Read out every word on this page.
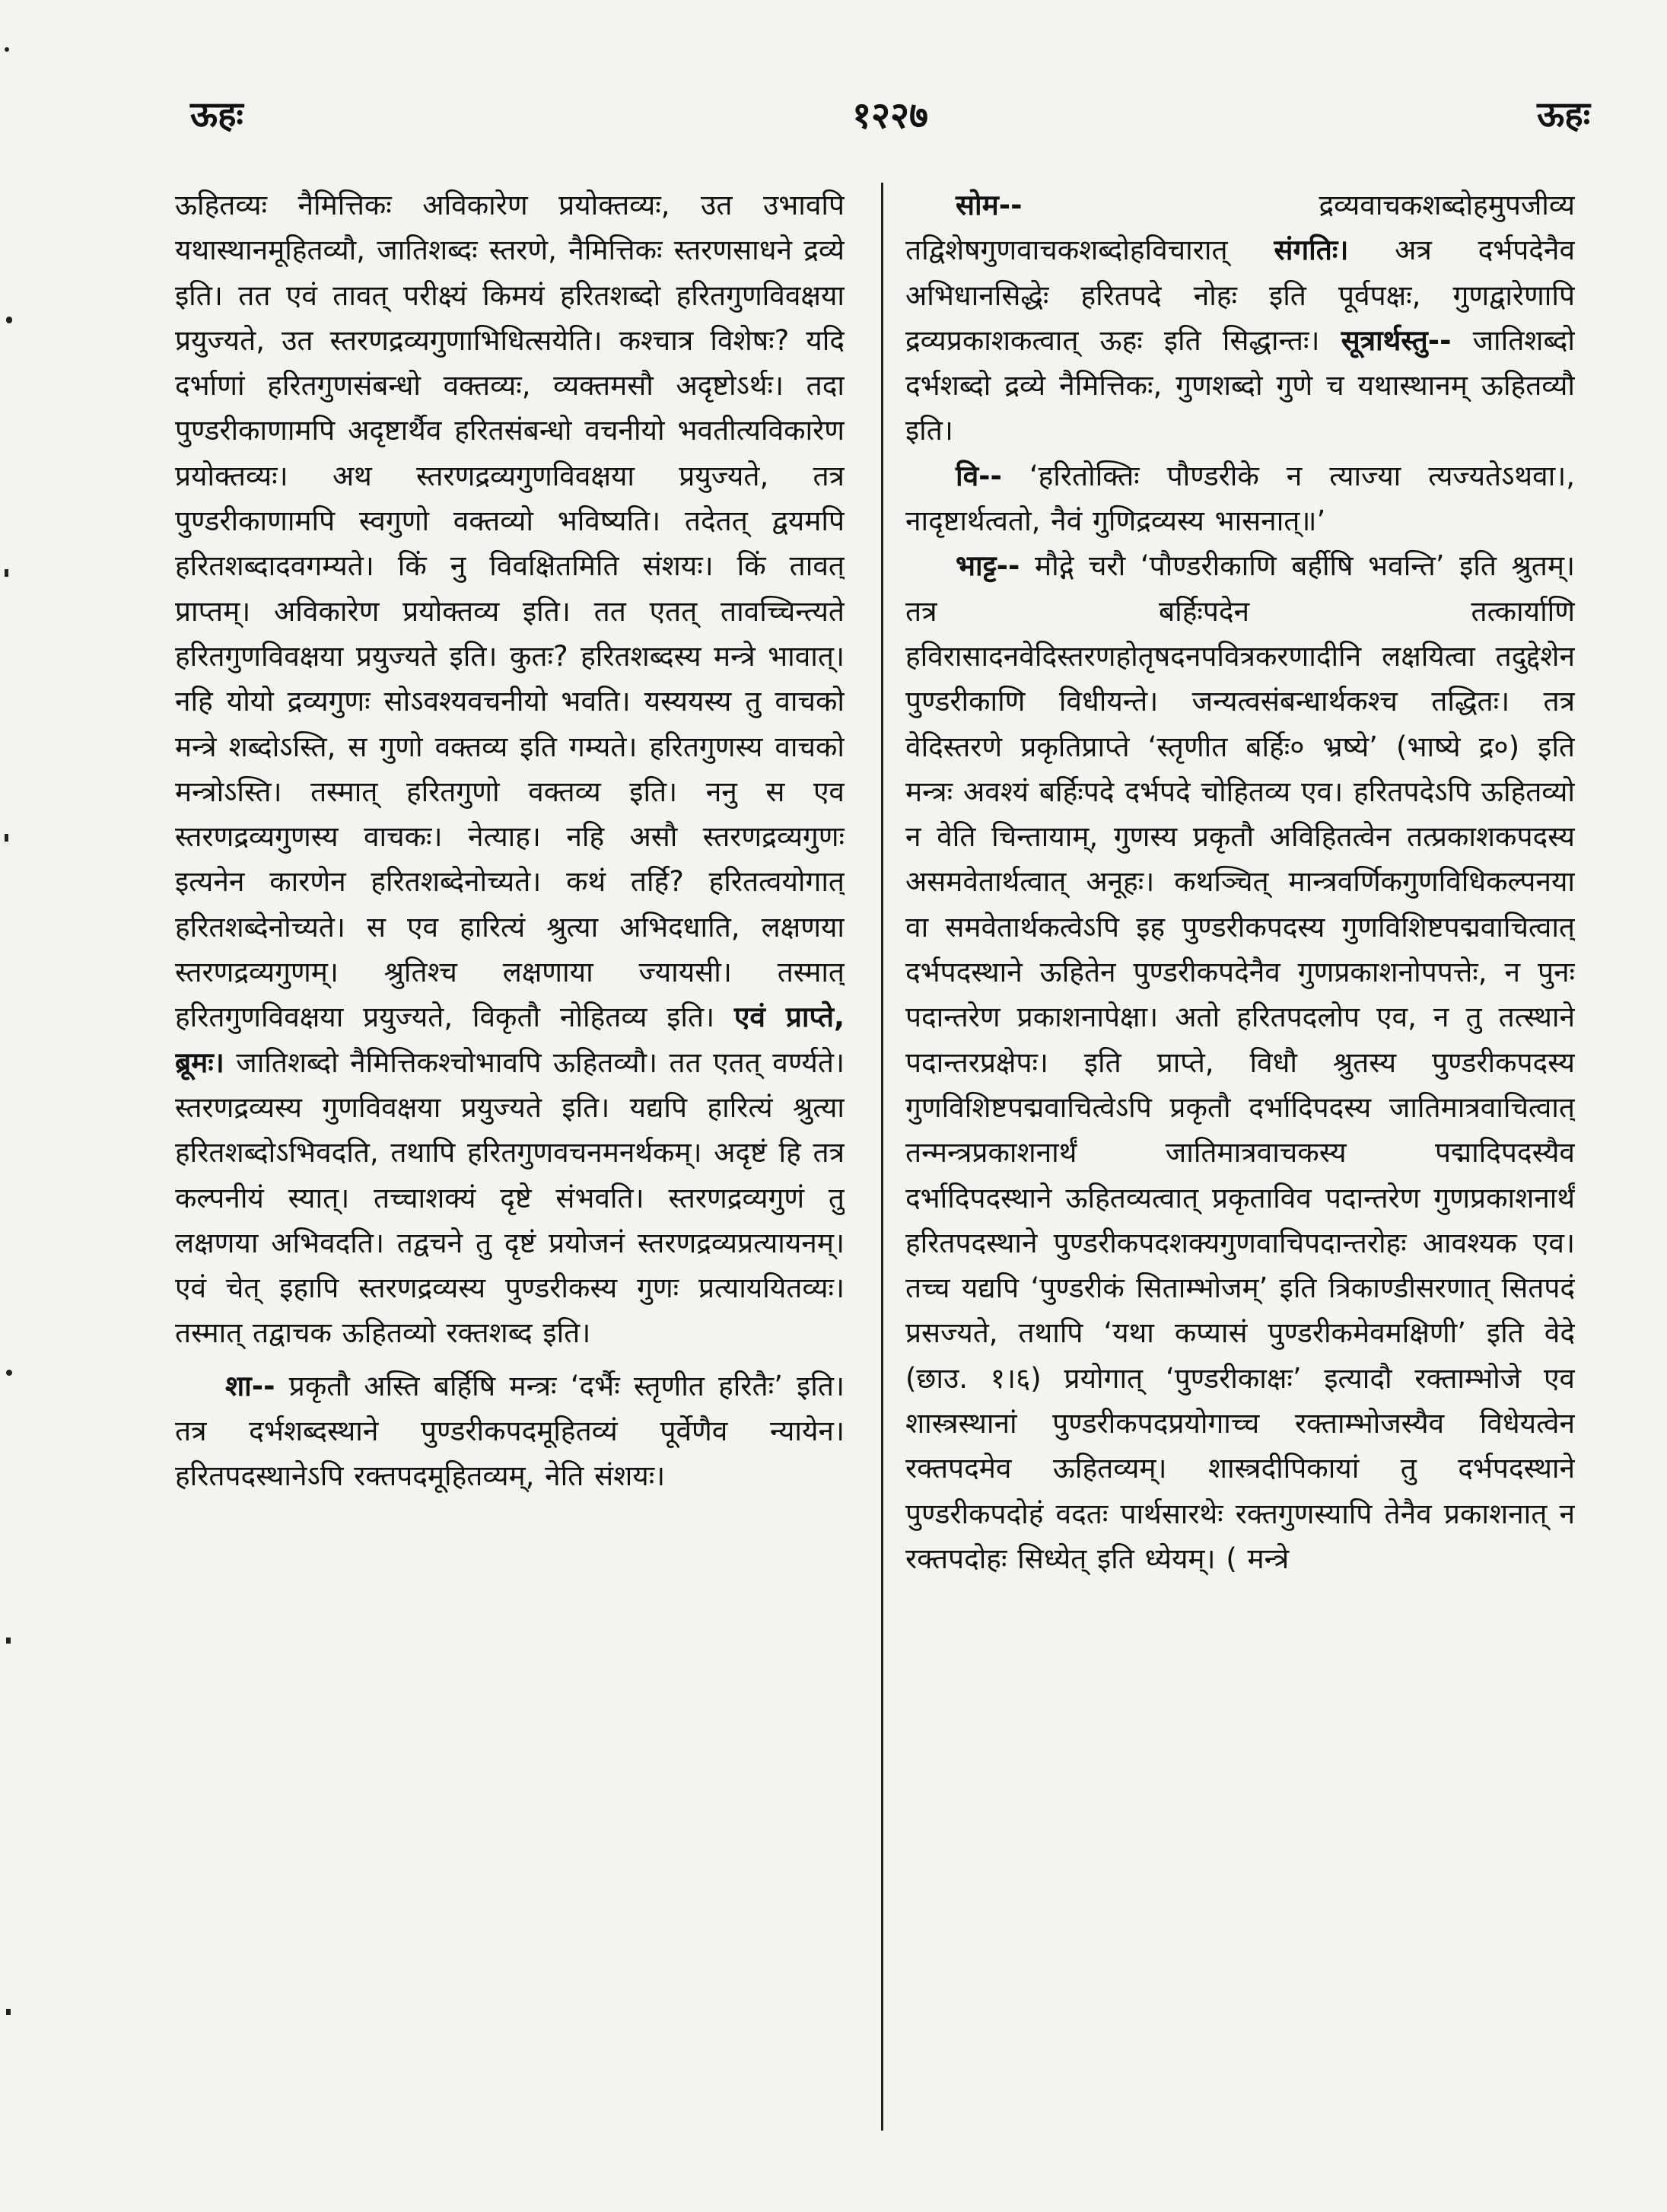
ऊहः	१२२७	ऊहः

ऊहितव्यः नैमित्तिकः अविकारेण प्रयोक्तव्यः, उत उभावपि यथास्थानमूहितव्यौ, जातिशब्दः स्तरणे, नैमित्तिकः स्तरणसाधने द्रव्ये इति। तत एवं तावत् परीक्ष्यं किमयं हरितशब्दो हरितगुणविवक्षया प्रयुज्यते, उत स्तरणद्रव्यगुणाभिधित्सयेति। कश्चात्र विशेषः? यदि दर्भाणां हरितगुणसंबन्धो वक्तव्यः, व्यक्तमसौ अदृष्टोऽर्थः। तदा पुण्डरीकाणामपि अदृष्टार्थैव हरितसंबन्धो वचनीयो भवतीत्यविकारेण प्रयोक्तव्यः। अथ स्तरणद्रव्यगुणविवक्षया प्रयुज्यते, तत्र पुण्डरीकाणामपि स्वगुणो वक्तव्यो भविष्यति। तदेतत् द्वयमपि हरितशब्दादवगम्यते। किं नु विवक्षितमिति संशयः। किं तावत् प्राप्तम्। अविकारेण प्रयोक्तव्य इति। तत एतत् तावच्चिन्त्यते हरितगुणविवक्षया प्रयुज्यते इति। कुतः? हरितशब्दस्य मन्त्रे भावात्। नहि योयो द्रव्यगुणः सोऽवश्यवचनीयो भवति। यस्ययस्य तु वाचको मन्त्रे शब्दोऽस्ति, स गुणो वक्तव्य इति गम्यते। हरितगुणस्य वाचको मन्त्रोऽस्ति। तस्मात् हरितगुणो वक्तव्य इति। ननु स एव स्तरणद्रव्यगुणस्य वाचकः। नेत्याह। नहि असौ स्तरणद्रव्यगुणः इत्यनेन कारणेन हरितशब्देनोच्यते। कथं तर्हि? हरितत्वयोगात् हरितशब्देनोच्यते। स एव हारित्यं श्रुत्या अभिदधाति, लक्षणया स्तरणद्रव्यगुणम्। श्रुतिश्च लक्षणाया ज्यायसी। तस्मात् हरितगुणविवक्षया प्रयुज्यते, विकृतौ नोहितव्य इति। एवं प्राप्ते, ब्रूमः। जातिशब्दो नैमित्तिकश्चोभावपि ऊहितव्यौ। तत एतत् वर्ण्यते। स्तरणद्रव्यस्य गुणविवक्षया प्रयुज्यते इति। यद्यपि हारित्यं श्रुत्या हरितशब्दोऽभिवदति, तथापि हरितगुणवचनमनर्थकम्। अदृष्टं हि तत्र कल्पनीयं स्यात्। तच्चाशक्यं दृष्टे संभवति। स्तरणद्रव्यगुणं तु लक्षणया अभिवदति। तद्वचने तु दृष्टं प्रयोजनं स्तरणद्रव्यप्रत्यायनम्। एवं चेत् इहापि स्तरणद्रव्यस्य पुण्डरीकस्य गुणः प्रत्याययितव्यः। तस्मात् तद्वाचक ऊहितव्यो रक्तशब्द इति।

शा-- प्रकृतौ अस्ति बर्हिषि मन्त्रः ‘दर्भैः स्तृणीत हरितैः’ इति। तत्र दर्भशब्दस्थाने पुण्डरीकपदमूहितव्यं पूर्वेणैव न्यायेन। हरितपदस्थानेऽपि रक्तपदमूहितव्यम्, नेति संशयः।

सोम--	द्रव्यवाचकशब्दोहमुपजीव्य तद्विशेषगुणवाचकशब्दोहविचारात् संगतिः। अत्र दर्भपदेनैव अभिधानसिद्धेः हरितपदे नोहः इति पूर्वपक्षः, गुणद्वारेणापि द्रव्यप्रकाशकत्वात् ऊहः इति सिद्धान्तः। सूत्रार्थस्तु-- जातिशब्दो दर्भशब्दो द्रव्ये नैमित्तिकः, गुणशब्दो गुणे च यथास्थानम् ऊहितव्यौ इति।

वि-- ‘हरितोक्तिः पौण्डरीके न त्याज्या त्यज्यतेऽथवा।, नादृष्टार्थत्वतो, नैवं गुणिद्रव्यस्य भासनात्॥’

भाट्ट-- मौद्गे चरौ ‘पौण्डरीकाणि बर्हीषि भवन्ति’ इति श्रुतम्। तत्र बर्हिःपदेन तत्कार्याणि हविरासादनवेदिस्तरणहोतृषदनपवित्रकरणादीनि लक्षयित्वा तदुद्देशेन पुण्डरीकाणि विधीयन्ते। जन्यत्वसंबन्धार्थकश्च तद्धितः। तत्र वेदिस्तरणे प्रकृतिप्राप्ते ‘स्तृणीत बर्हिः० भ्रष्ये’ (भाष्ये द्र०) इति मन्त्रः अवश्यं बर्हिःपदे दर्भपदे चोहितव्य एव। हरितपदेऽपि ऊहितव्यो न वेति चिन्तायाम्, गुणस्य प्रकृतौ अविहितत्वेन तत्प्रकाशकपदस्य असमवेतार्थत्वात् अनूहः। कथञ्चित् मान्त्रवर्णिकगुणविधिकल्पनया वा समवेतार्थकत्वेऽपि इह पुण्डरीकपदस्य गुणविशिष्टपद्मवाचित्वात् दर्भपदस्थाने ऊहितेन पुण्डरीकपदेनैव गुणप्रकाशनोपपत्तेः, न पुनः पदान्तरेण प्रकाशनापेक्षा। अतो हरितपदलोप एव, न तु तत्स्थाने पदान्तरप्रक्षेपः। इति प्राप्ते, विधौ श्रुतस्य पुण्डरीकपदस्य गुणविशिष्टपद्मवाचित्वेऽपि प्रकृतौ दर्भादिपदस्य जातिमात्रवाचित्वात् तन्मन्त्रप्रकाशनार्थं जातिमात्रवाचकस्य पद्मादिपदस्यैव दर्भादिपदस्थाने ऊहितव्यत्वात् प्रकृताविव पदान्तरेण गुणप्रकाशनार्थं हरितपदस्थाने पुण्डरीकपदशक्यगुणवाचिपदान्तरोहः आवश्यक एव। तच्च यद्यपि ‘पुण्डरीकं सिताम्भोजम्’ इति त्रिकाण्डीसरणात् सितपदं प्रसज्यते, तथापि ‘यथा कप्यासं पुण्डरीकमेवमक्षिणी’ इति वेदे (छाउ. १।६) प्रयोगात् ‘पुण्डरीकाक्षः’ इत्यादौ रक्ताम्भोजे एव शास्त्रस्थानां पुण्डरीकपदप्रयोगाच्च रक्ताम्भोजस्यैव विधेयत्वेन रक्तपदमेव ऊहितव्यम्। शास्त्रदीपिकायां तु दर्भपदस्थाने पुण्डरीकपदोहं वदतः पार्थसारथेः रक्तगुणस्यापि तेनैव प्रकाशनात् न रक्तपदोहः सिध्येत् इति ध्येयम्। ( मन्त्रे
